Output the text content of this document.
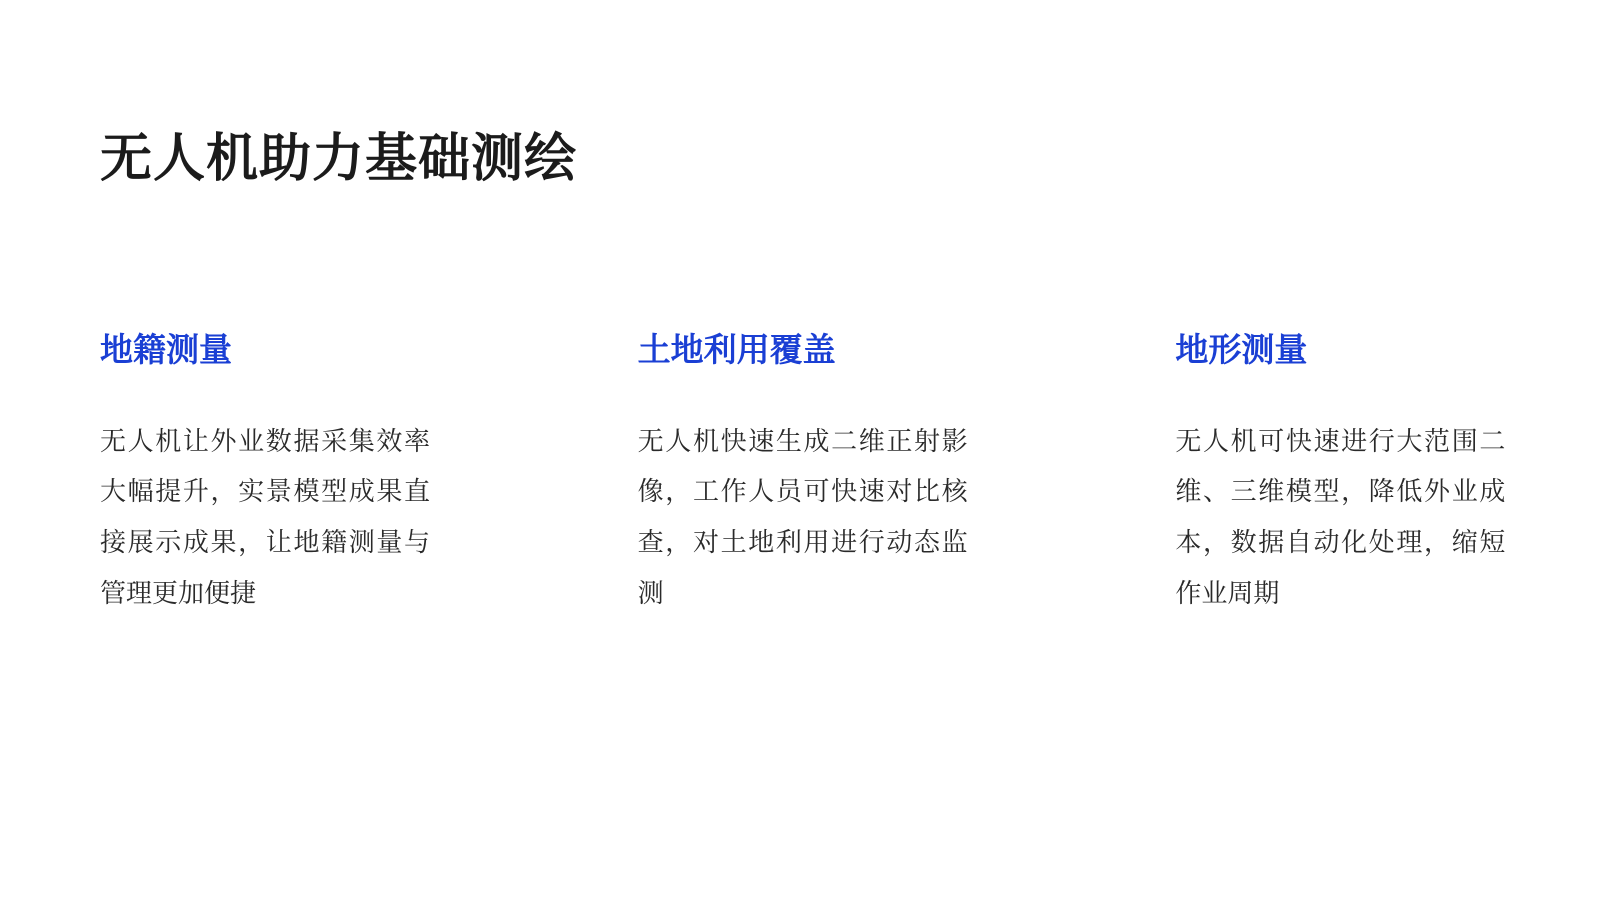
无人机助力基础测绘
地籍测量

无人机让外业数据采集效率大幅提升，实景模型成果直接展示成果，让地籍测量与管理更加便捷

土地利用覆盖

无人机快速生成二维正射影像，工作人员可快速对比核查，对土地利用进行动态监测

地形测量

无人机可快速进行大范围二维、三维模型，降低外业成本，数据自动化处理，缩短作业周期
